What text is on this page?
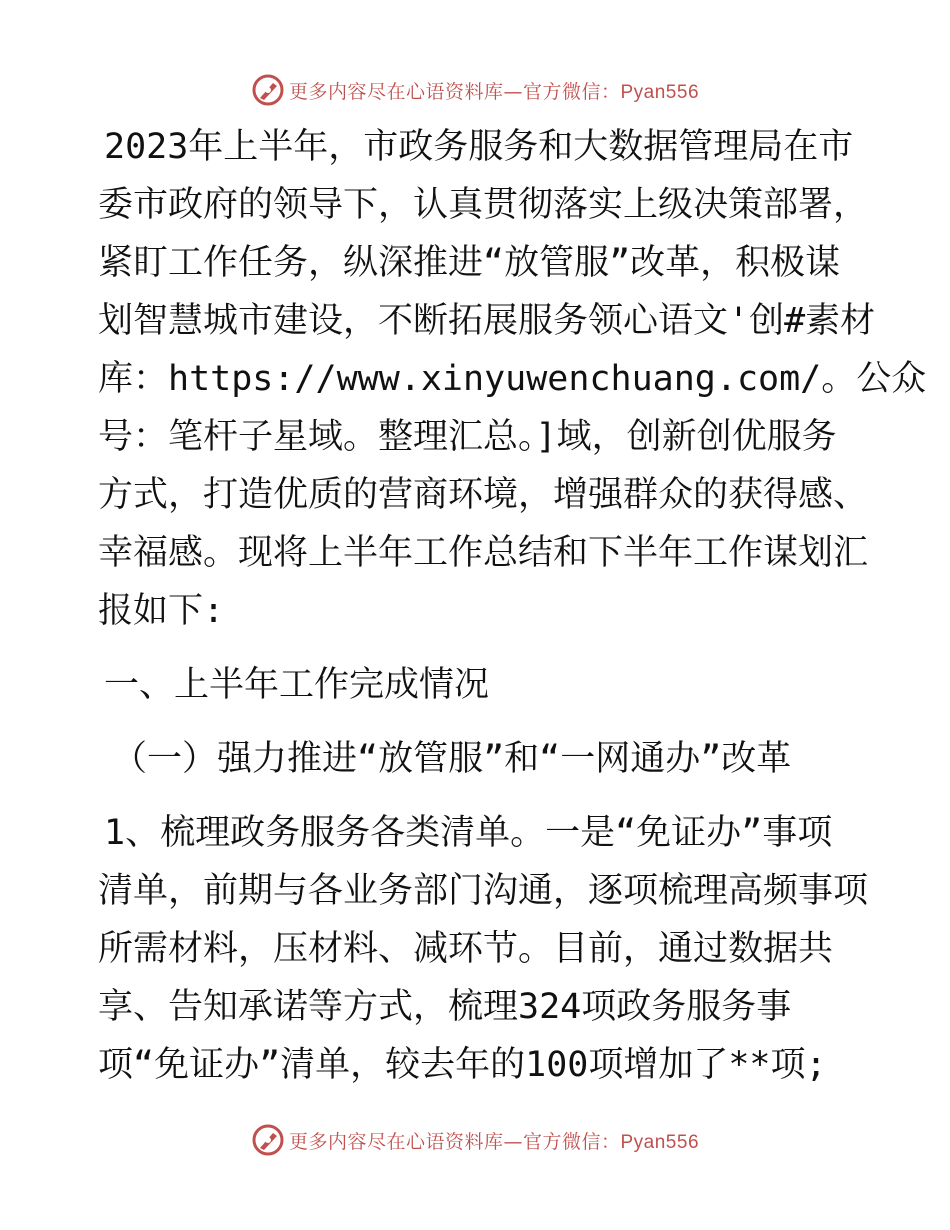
更多内容尽在心语资料库—官方微信：Pyan556

2023年上半年，市政务服务和大数据管理局在市

委市政府的领导下，认真贯彻落实上级决策部署，

紧盯工作任务，纵深推进“放管服”改革，积极谋

划智慧城市建设，不断拓展服务领心语文'创#素材

库：https://www.xinyuwenchuang.com/。公众

号：笔杆子星域。整理汇总。]域，创新创优服务

方式，打造优质的营商环境，增强群众的获得感、

幸福感。现将上半年工作总结和下半年工作谋划汇

报如下:

一、上半年工作完成情况

（一）强力推进“放管服”和“一网通办”改革

1、梳理政务服务各类清单。一是“免证办”事项

清单，前期与各业务部门沟通，逐项梳理高频事项

所需材料，压材料、减环节。目前，通过数据共

享、告知承诺等方式，梳理324项政务服务事

项“免证办”清单，较去年的100项增加了**项;

更多内容尽在心语资料库—官方微信：Pyan556
